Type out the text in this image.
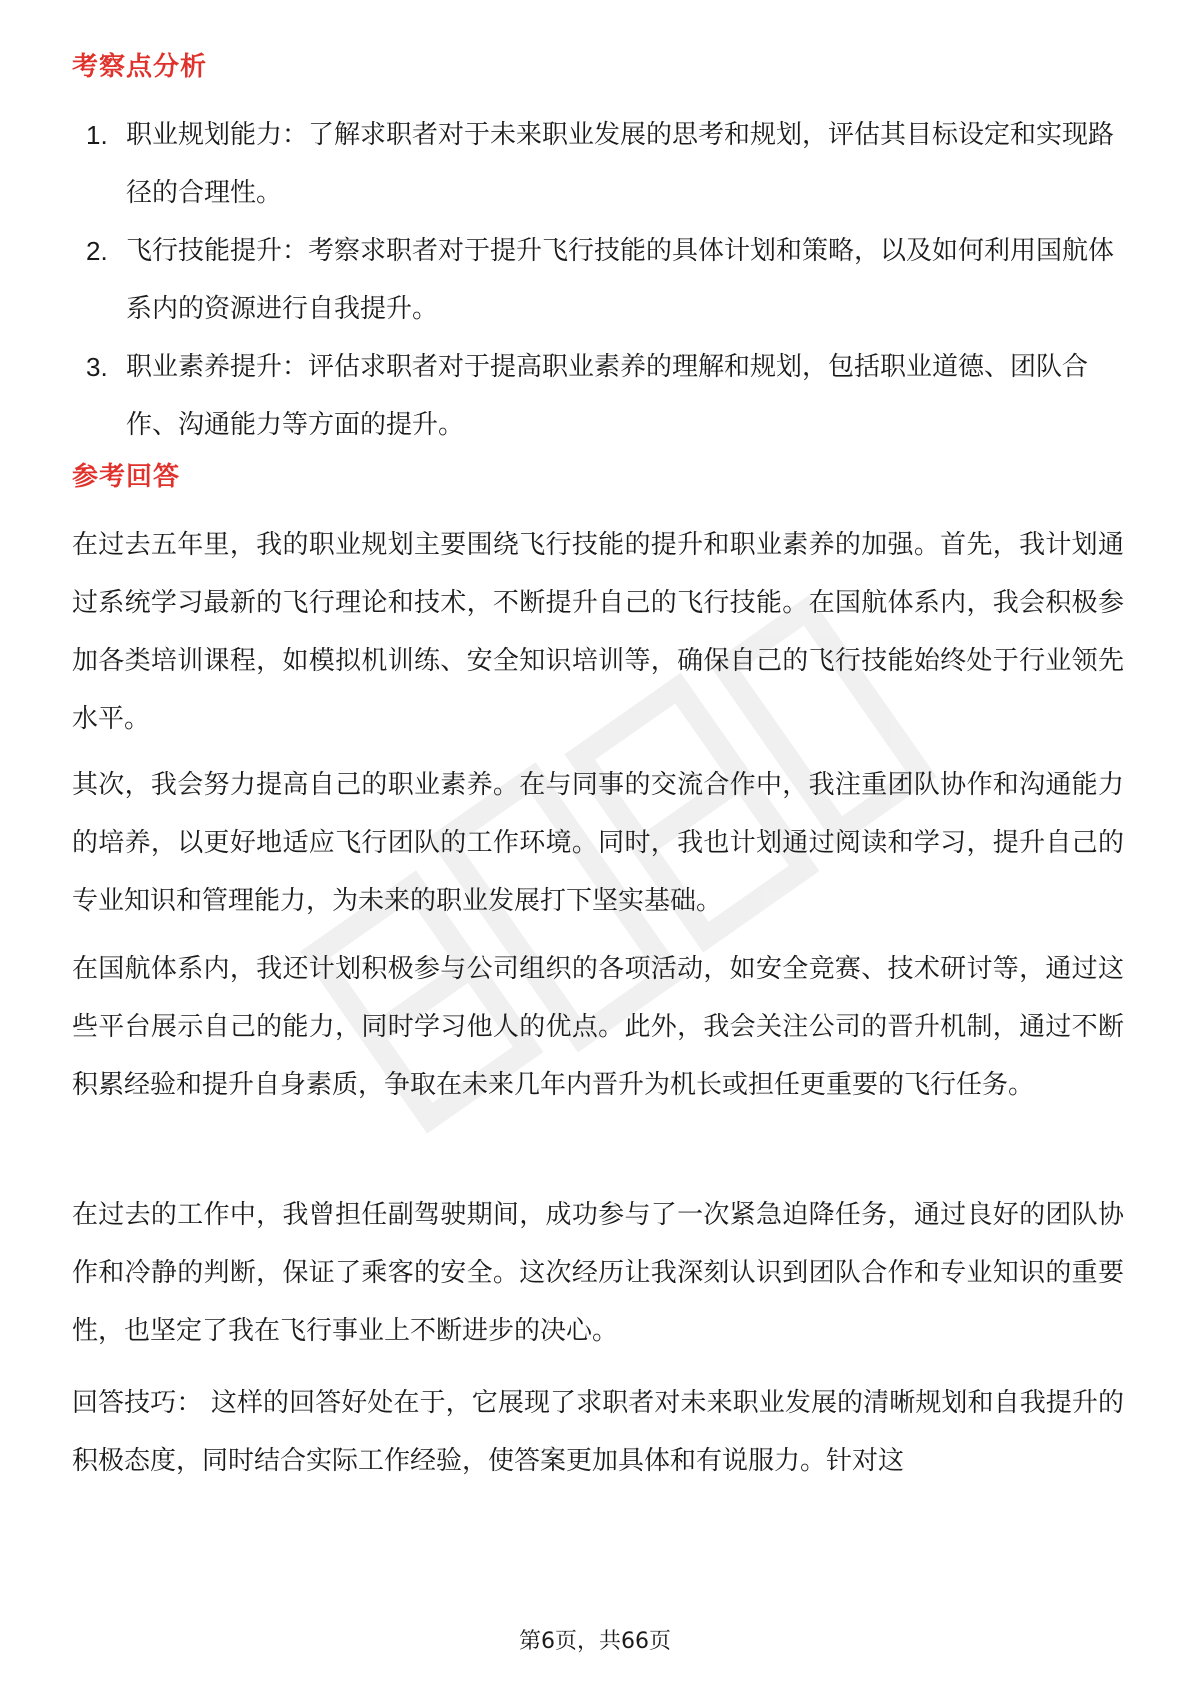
考察点分析
1. 职业规划能力：了解求职者对于未来职业发展的思考和规划，评估其目标设定和实现路径的合理性。
2. 飞行技能提升：考察求职者对于提升飞行技能的具体计划和策略，以及如何利用国航体系内的资源进行自我提升。
3. 职业素养提升：评估求职者对于提高职业素养的理解和规划，包括职业道德、团队合作、沟通能力等方面的提升。
参考回答

在过去五年里，我的职业规划主要围绕飞行技能的提升和职业素养的加强。首先，我计划通过系统学习最新的飞行理论和技术，不断提升自己的飞行技能。在国航体系内，我会积极参加各类培训课程，如模拟机训练、安全知识培训等，确保自己的飞行技能始终处于行业领先水平。

其次，我会努力提高自己的职业素养。在与同事的交流合作中，我注重团队协作和沟通能力的培养，以更好地适应飞行团队的工作环境。同时，我也计划通过阅读和学习，提升自己的专业知识和管理能力，为未来的职业发展打下坚实基础。

在国航体系内，我还计划积极参与公司组织的各项活动，如安全竞赛、技术研讨等，通过这些平台展示自己的能力，同时学习他人的优点。此外，我会关注公司的晋升机制，通过不断积累经验和提升自身素质，争取在未来几年内晋升为机长或担任更重要的飞行任务。

在过去的工作中，我曾担任副驾驶期间，成功参与了一次紧急迫降任务，通过良好的团队协作和冷静的判断，保证了乘客的安全。这次经历让我深刻认识到团队合作和专业知识的重要性，也坚定了我在飞行事业上不断进步的决心。

回答技巧： 这样的回答好处在于，它展现了求职者对未来职业发展的清晰规划和自我提升的积极态度，同时结合实际工作经验，使答案更加具体和有说服力。针对这

第6页，共66页
